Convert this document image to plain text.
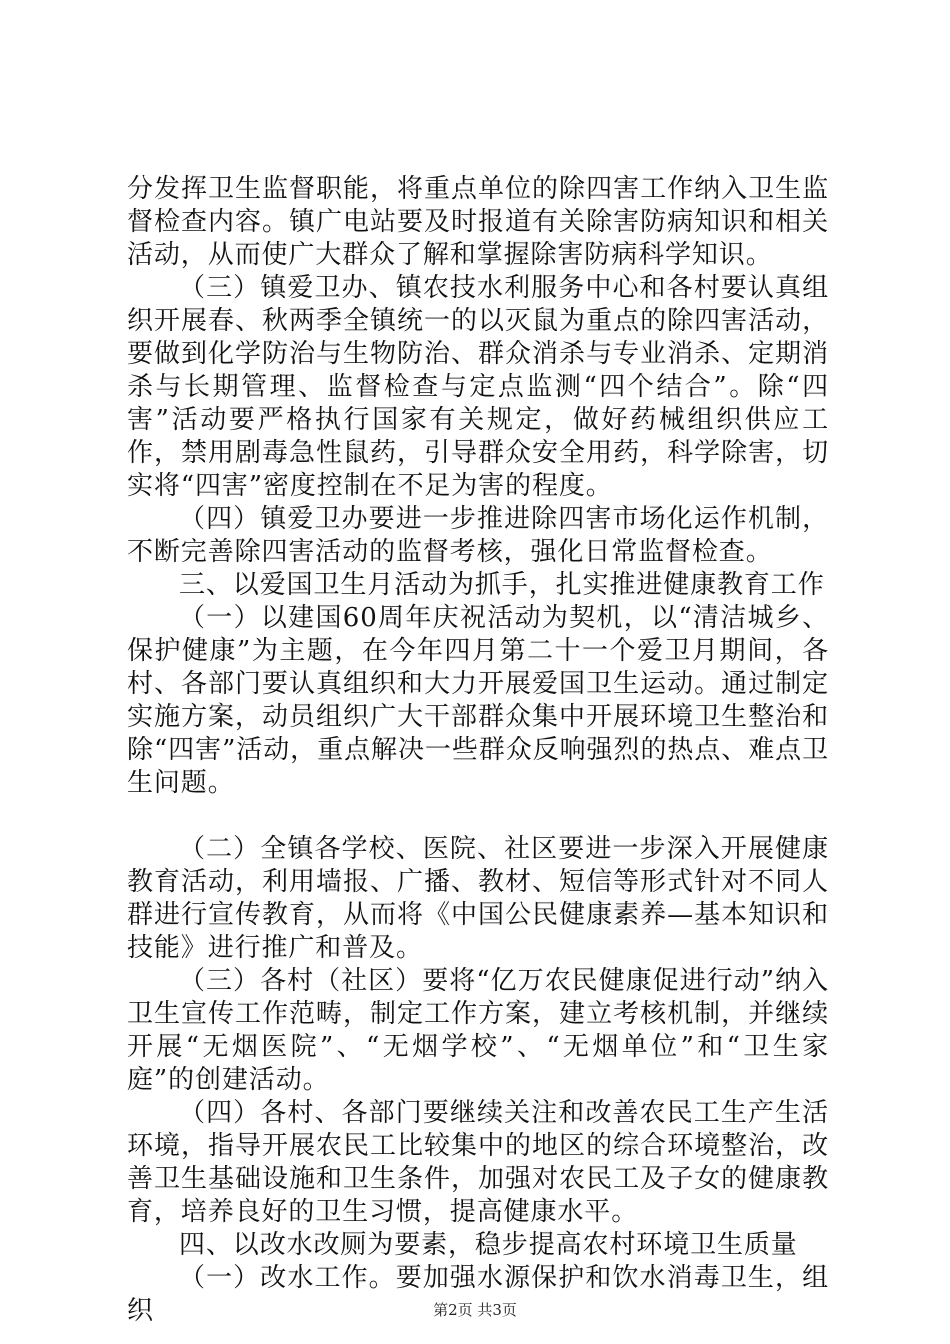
分发挥卫生监督职能，将重点单位的除四害工作纳入卫生监督检查内容。镇广电站要及时报道有关除害防病知识和相关活动，从而使广大群众了解和掌握除害防病科学知识。

（三）镇爱卫办、镇农技水利服务中心和各村要认真组织开展春、秋两季全镇统一的以灭鼠为重点的除四害活动，要做到化学防治与生物防治、群众消杀与专业消杀、定期消杀与长期管理、监督检查与定点监测“四个结合”。除“四害”活动要严格执行国家有关规定，做好药械组织供应工作，禁用剧毒急性鼠药，引导群众安全用药，科学除害，切实将“四害”密度控制在不足为害的程度。

（四）镇爱卫办要进一步推进除四害市场化运作机制，不断完善除四害活动的监督考核，强化日常监督检查。

三、以爱国卫生月活动为抓手，扎实推进健康教育工作

（一）以建国60周年庆祝活动为契机，以“清洁城乡、保护健康”为主题，在今年四月第二十一个爱卫月期间，各村、各部门要认真组织和大力开展爱国卫生运动。通过制定实施方案，动员组织广大干部群众集中开展环境卫生整治和除“四害”活动，重点解决一些群众反响强烈的热点、难点卫生问题。

（二）全镇各学校、医院、社区要进一步深入开展健康教育活动，利用墙报、广播、教材、短信等形式针对不同人群进行宣传教育，从而将《中国公民健康素养—基本知识和技能》进行推广和普及。

（三）各村（社区）要将“亿万农民健康促进行动”纳入卫生宣传工作范畴，制定工作方案，建立考核机制，并继续开展“无烟医院”、“无烟学校”、“无烟单位”和“卫生家庭”的创建活动。

（四）各村、各部门要继续关注和改善农民工生产生活环境，指导开展农民工比较集中的地区的综合环境整治，改善卫生基础设施和卫生条件，加强对农民工及子女的健康教育，培养良好的卫生习惯，提高健康水平。

四、以改水改厕为要素，稳步提高农村环境卫生质量

（一）改水工作。要加强水源保护和饮水消毒卫生，组织	第2页 共3页
